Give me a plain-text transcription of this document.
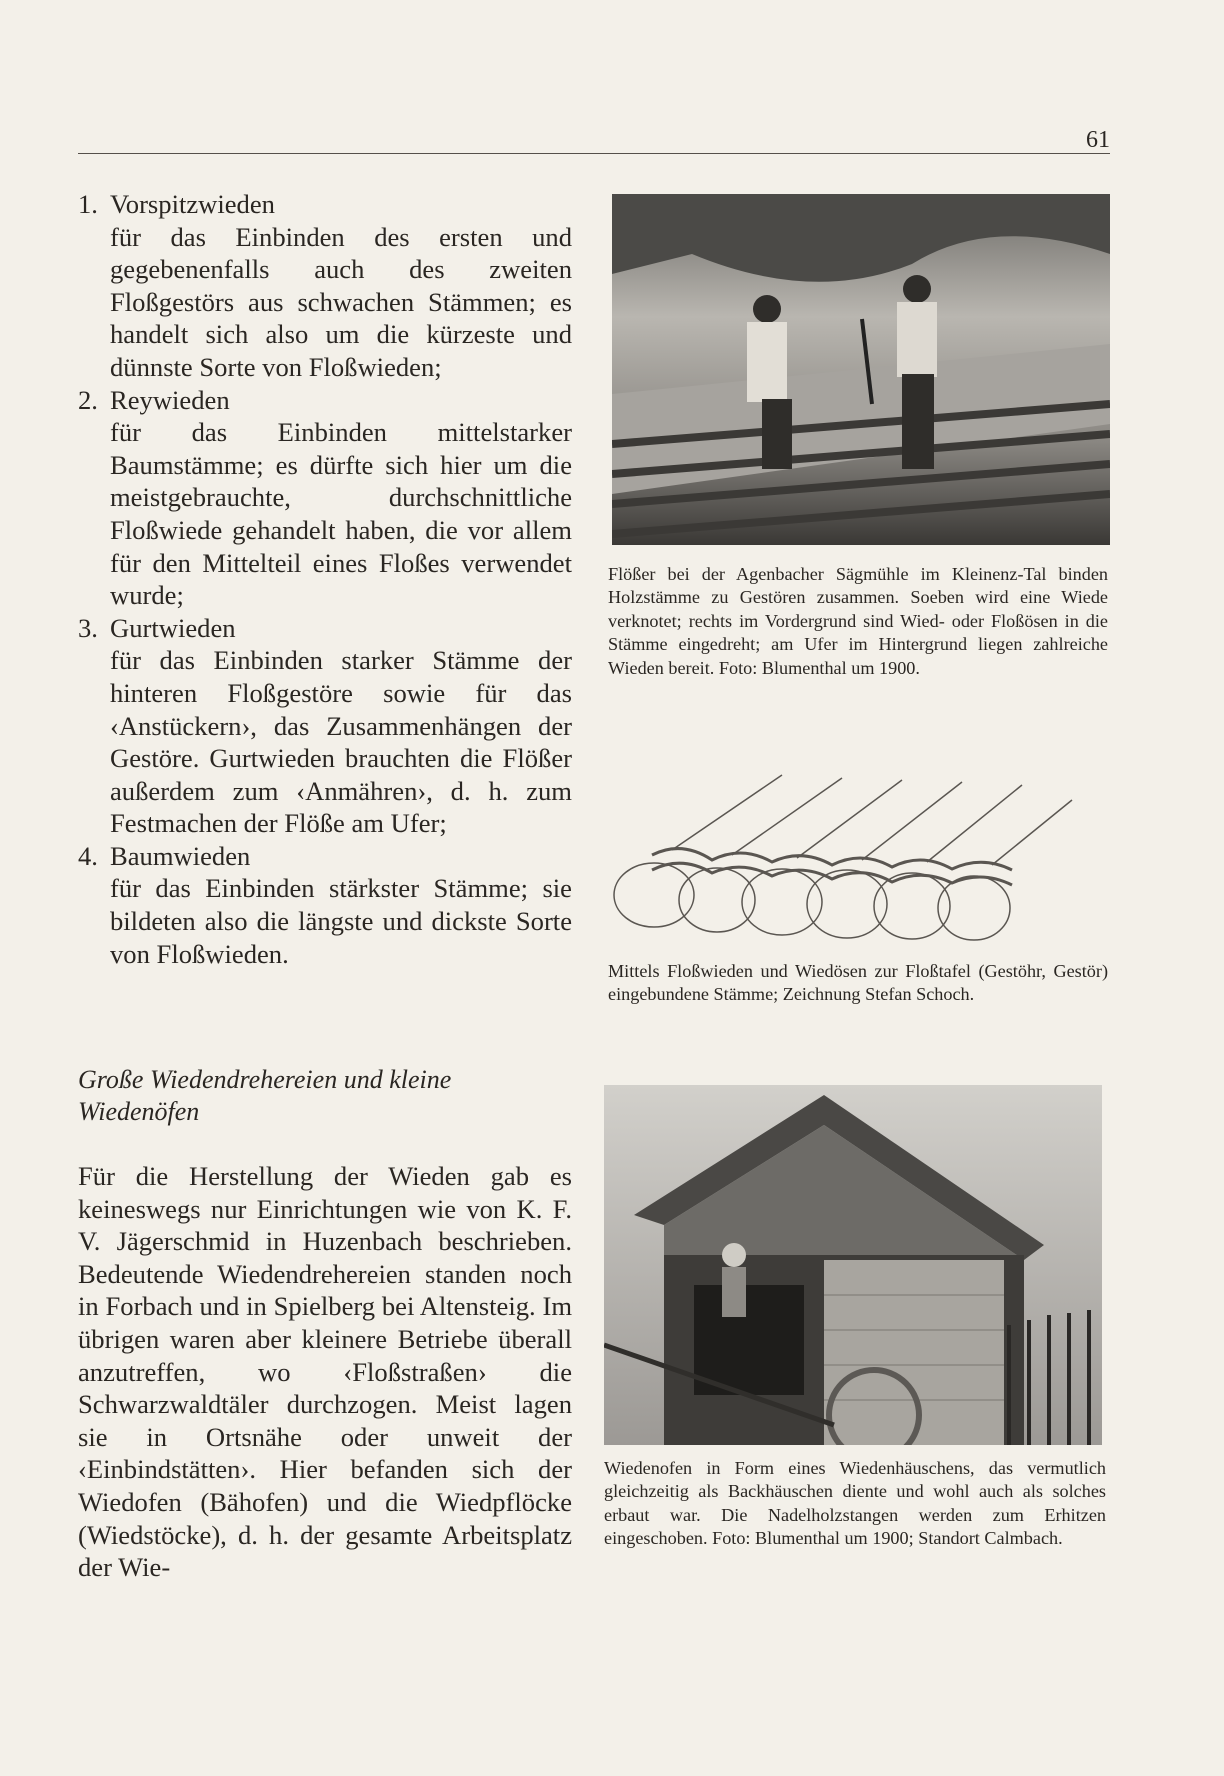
61
1. Vorspitzwieden
für das Einbinden des ersten und gegebenenfalls auch des zweiten Floßgestörs aus schwachen Stämmen; es handelt sich also um die kürzeste und dünnste Sorte von Floßwieden;
2. Reywieden
für das Einbinden mittelstarker Baumstämme; es dürfte sich hier um die meistgebrauchte, durchschnittliche Floßwiede gehandelt haben, die vor allem für den Mittelteil eines Floßes verwendet wurde;
3. Gurtwieden
für das Einbinden starker Stämme der hinteren Floßgestöre sowie für das ‹Anstückern›, das Zusammenhängen der Gestöre. Gurtwieden brauchten die Flößer außerdem zum ‹Anmähren›, d. h. zum Festmachen der Flöße am Ufer;
4. Baumwieden
für das Einbinden stärkster Stämme; sie bildeten also die längste und dickste Sorte von Floßwieden.
Große Wiedendrehereien und kleine Wiedenöfen
Für die Herstellung der Wieden gab es keineswegs nur Einrichtungen wie von K. F. V. Jägerschmid in Huzenbach beschrieben. Bedeutende Wiedendrehereien standen noch in Forbach und in Spielberg bei Altensteig. Im übrigen waren aber kleinere Betriebe überall anzutreffen, wo ‹Floßstraßen› die Schwarzwaldtäler durchzogen. Meist lagen sie in Ortsnähe oder unweit der ‹Einbindstätten›. Hier befanden sich der Wiedofen (Bähofen) und die Wiedpflöcke (Wiedstöcke), d. h. der gesamte Arbeitsplatz der Wie-
Flößer bei der Agenbacher Sägmühle im Kleinenz-Tal binden Holzstämme zu Gestören zusammen. Soeben wird eine Wiede verknotet; rechts im Vordergrund sind Wied- oder Floßösen in die Stämme eingedreht; am Ufer im Hintergrund liegen zahlreiche Wieden bereit. Foto: Blumenthal um 1900.
Mittels Floßwieden und Wiedösen zur Floßtafel (Gestöhr, Gestör) eingebundene Stämme; Zeichnung Stefan Schoch.
Wiedenofen in Form eines Wiedenhäuschens, das vermutlich gleichzeitig als Backhäuschen diente und wohl auch als solches erbaut war. Die Nadelholzstangen werden zum Erhitzen eingeschoben. Foto: Blumenthal um 1900; Standort Calmbach.
